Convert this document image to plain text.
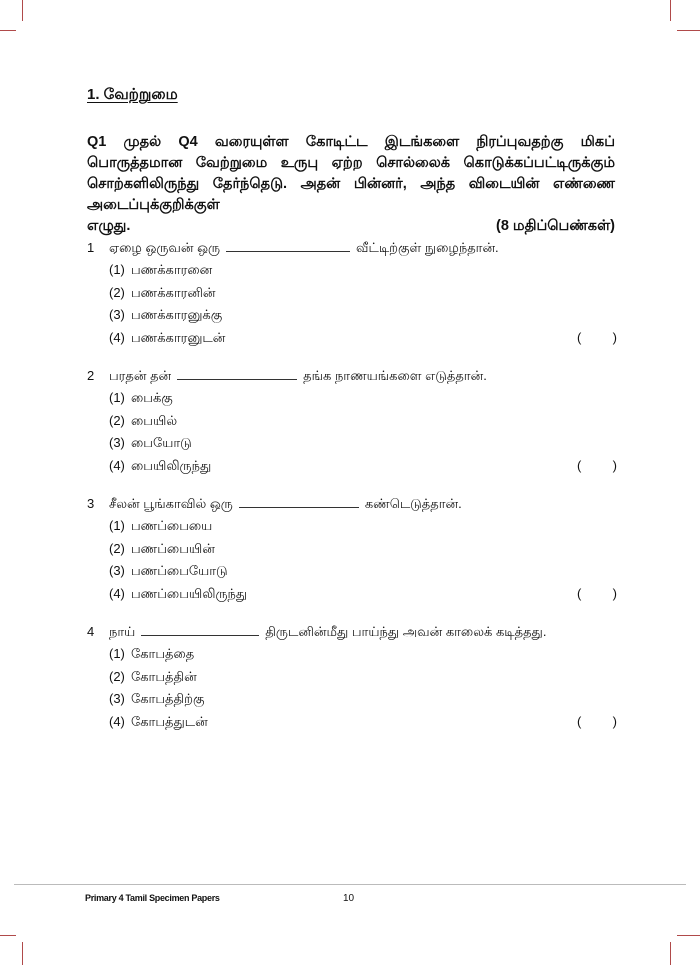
1. வேற்றுமை
Q1 முதல் Q4 வரையுள்ள கோடிட்ட இடங்களை நிரப்புவதற்கு மிகப் பொருத்தமான வேற்றுமை உருபு ஏற்ற சொல்லைக் கொடுக்கப்பட்டிருக்கும் சொற்களிலிருந்து தேர்ந்தெடு. அதன் பின்னர், அந்த விடையின் எண்ணை அடைப்புக்குறிக்குள்
எழுது.	(8 மதிப்பெண்கள்)
1	ஏழை ஒருவன் ஒரு	வீட்டிற்குள் நுழைந்தான்.
(1) பணக்காரனை
(2) பணக்காரனின்
(3) பணக்காரனுக்கு
(4) பணக்காரனுடன்	( )
2	பரதன் தன்	தங்க நாணயங்களை எடுத்தான்.
(1) பைக்கு
(2) பையில்
(3) பையோடு
(4) பையிலிருந்து	( )
3	சீலன் பூங்காவில் ஒரு	கண்டெடுத்தான்.
(1) பணப்பையை
(2) பணப்பையின்
(3) பணப்பையோடு
(4) பணப்பையிலிருந்து	( )
4	நாய்	திருடனின்மீது பாய்ந்து அவன் காலைக் கடித்தது.
(1) கோபத்தை
(2) கோபத்தின்
(3) கோபத்திற்கு
(4) கோபத்துடன்	( )
Primary 4 Tamil Specimen Papers	10
